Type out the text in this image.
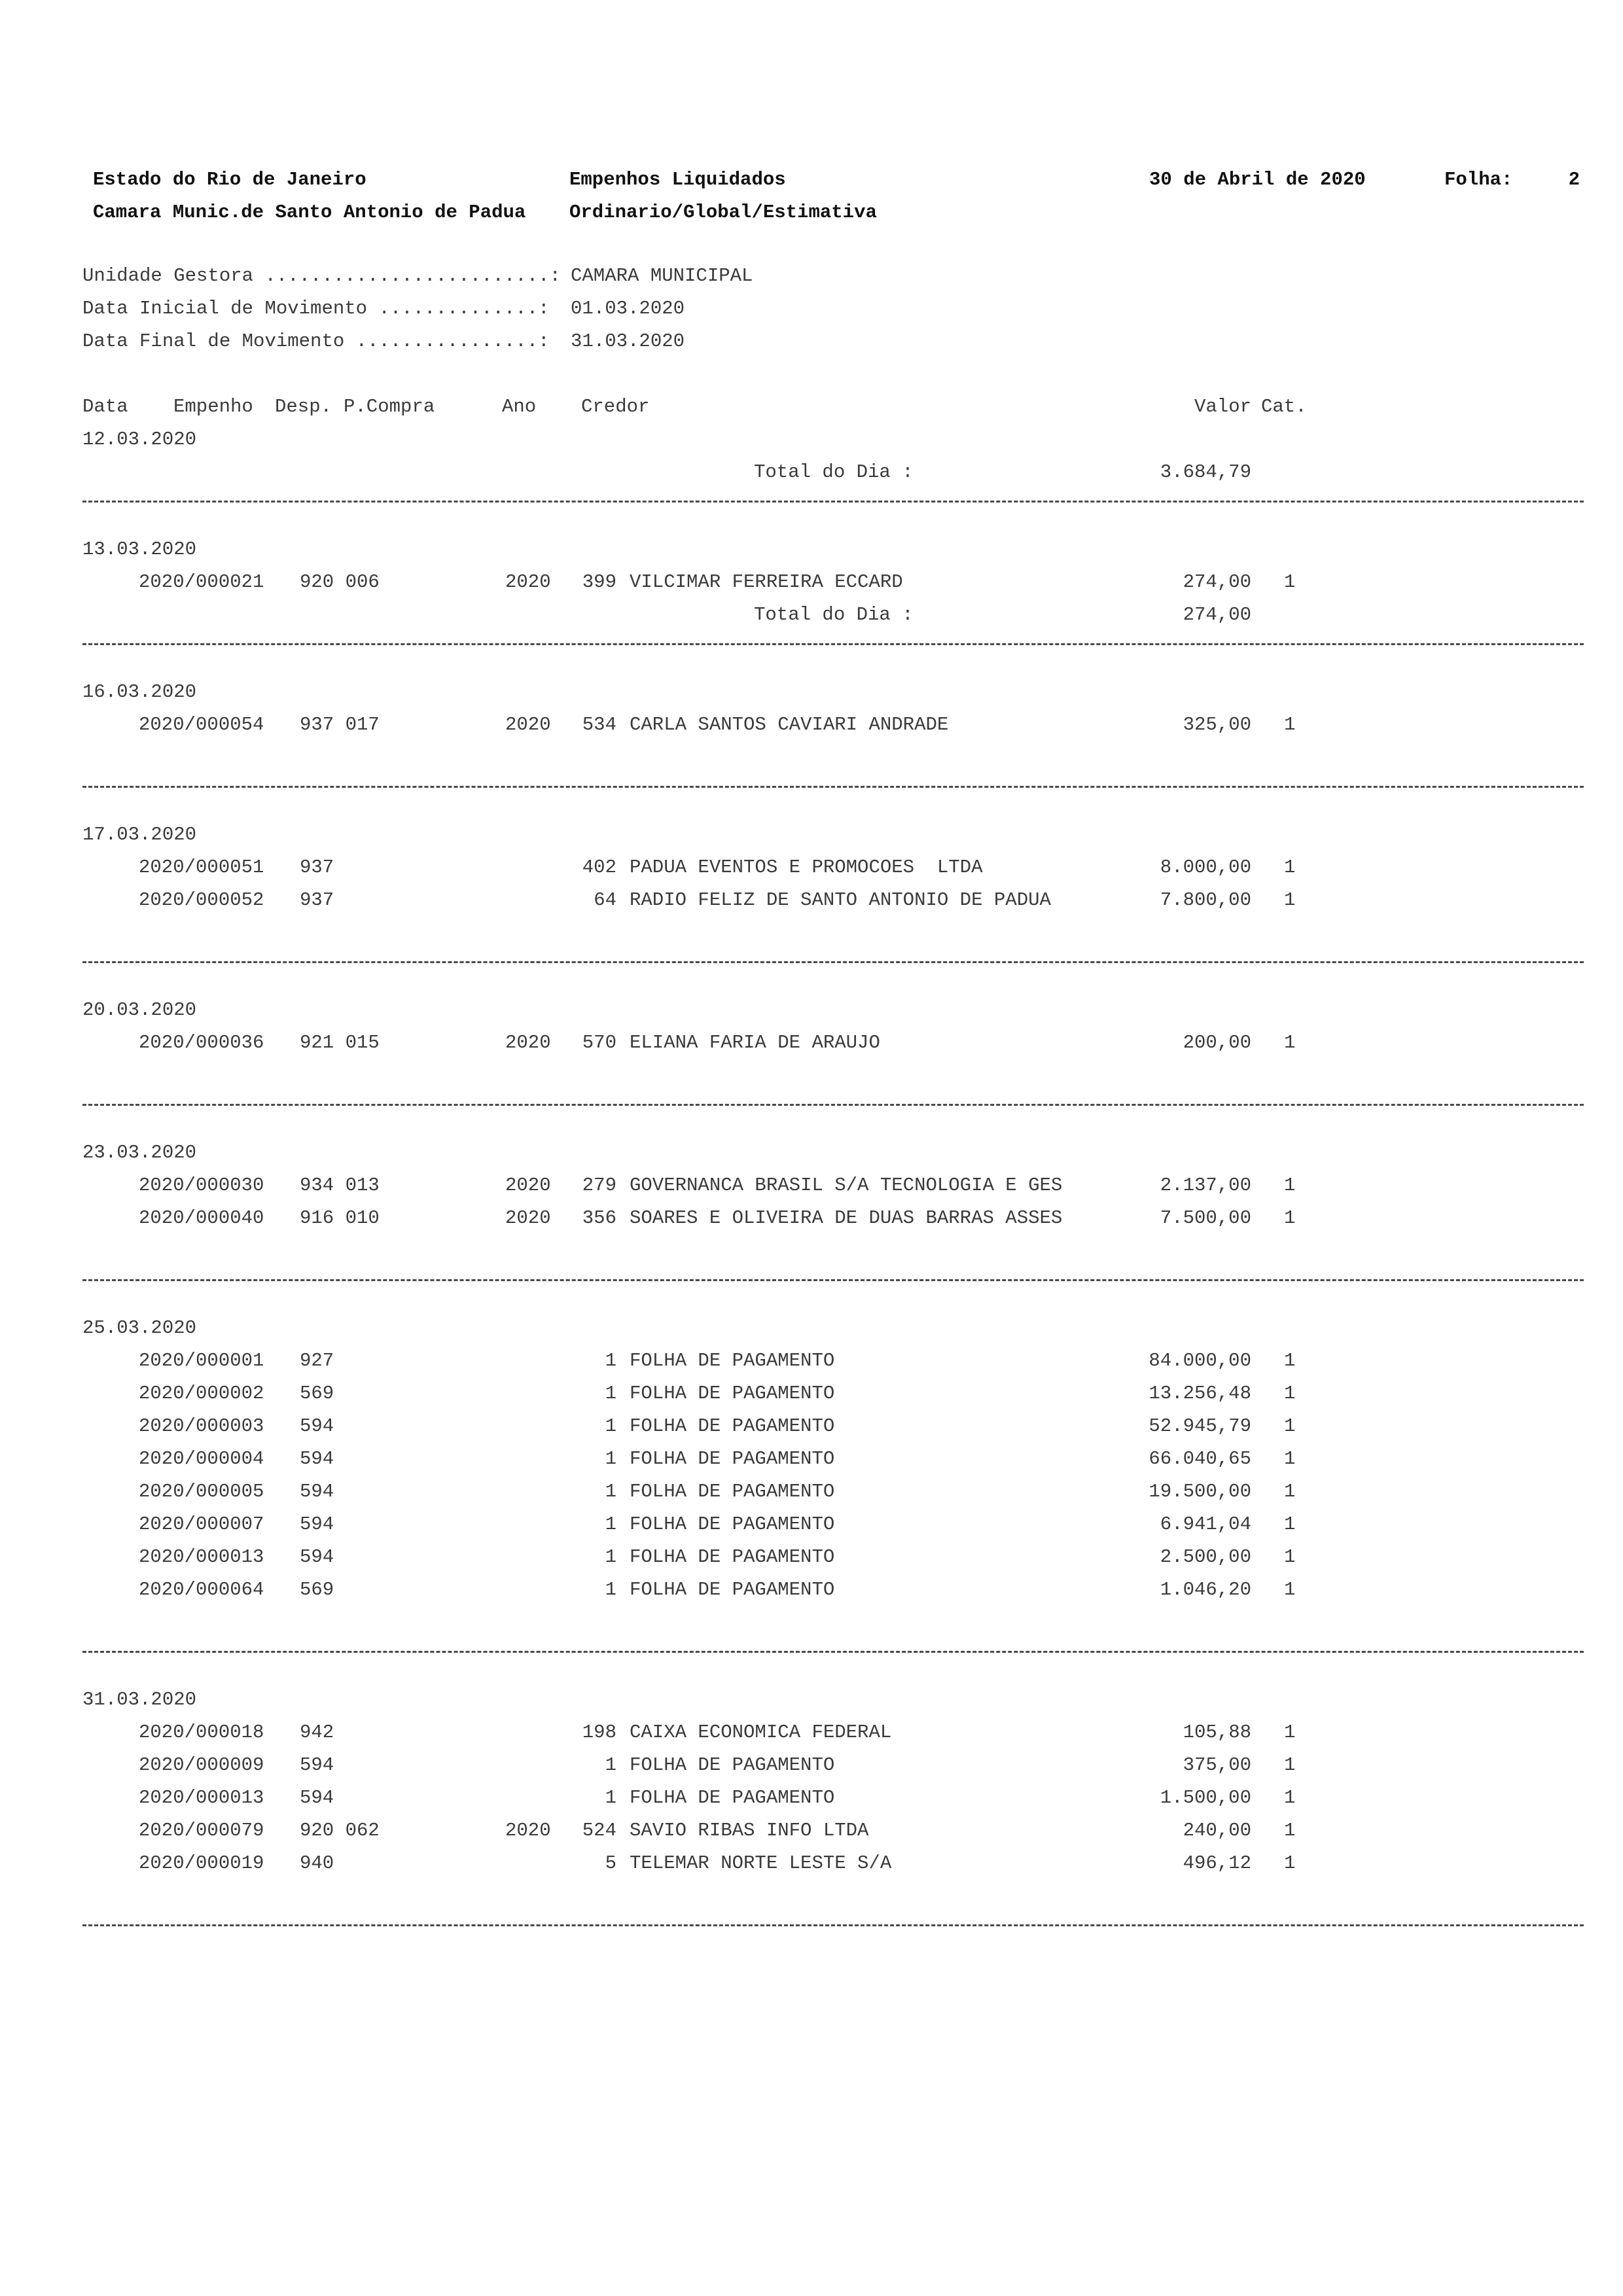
Estado do Rio de Janeiro
Camara Munic.de Santo Antonio de Padua
Empenhos Liquidados
Ordinario/Global/Estimativa
30 de Abril de 2020	Folha:	2
Unidade Gestora .........................: CAMARA MUNICIPAL
Data Inicial de Movimento ..............: 01.03.2020
Data Final de Movimento ................: 31.03.2020
Data Empenho Desp. P.Compra	Ano Credor	Valor Cat.
12.03.2020
Total do Dia :	3.684,79
13.03.2020
2020/000021 920 006	2020	399 VILCIMAR FERREIRA ECCARD	274,00 1
Total do Dia :	274,00
16.03.2020
2020/000054 937 017	2020	534 CARLA SANTOS CAVIARI ANDRADE	325,00 1
17.03.2020
2020/000051 937	402 PADUA EVENTOS E PROMOCOES  LTDA	8.000,00 1
2020/000052 937	64 RADIO FELIZ DE SANTO ANTONIO DE PADUA	7.800,00 1
20.03.2020
2020/000036 921 015	2020	570 ELIANA FARIA DE ARAUJO	200,00 1
23.03.2020
2020/000030 934 013	2020	279 GOVERNANCA BRASIL S/A TECNOLOGIA E GES	2.137,00 1
2020/000040 916 010	2020	356 SOARES E OLIVEIRA DE DUAS BARRAS ASSES	7.500,00 1
25.03.2020
2020/000001 927	1 FOLHA DE PAGAMENTO	84.000,00 1
2020/000002 569	1 FOLHA DE PAGAMENTO	13.256,48 1
2020/000003 594	1 FOLHA DE PAGAMENTO	52.945,79 1
2020/000004 594	1 FOLHA DE PAGAMENTO	66.040,65 1
2020/000005 594	1 FOLHA DE PAGAMENTO	19.500,00 1
2020/000007 594	1 FOLHA DE PAGAMENTO	6.941,04 1
2020/000013 594	1 FOLHA DE PAGAMENTO	2.500,00 1
2020/000064 569	1 FOLHA DE PAGAMENTO	1.046,20 1
31.03.2020
2020/000018 942	198 CAIXA ECONOMICA FEDERAL	105,88 1
2020/000009 594	1 FOLHA DE PAGAMENTO	375,00 1
2020/000013 594	1 FOLHA DE PAGAMENTO	1.500,00 1
2020/000079 920 062	2020	524 SAVIO RIBAS INFO LTDA	240,00 1
2020/000019 940	5 TELEMAR NORTE LESTE S/A	496,12 1
